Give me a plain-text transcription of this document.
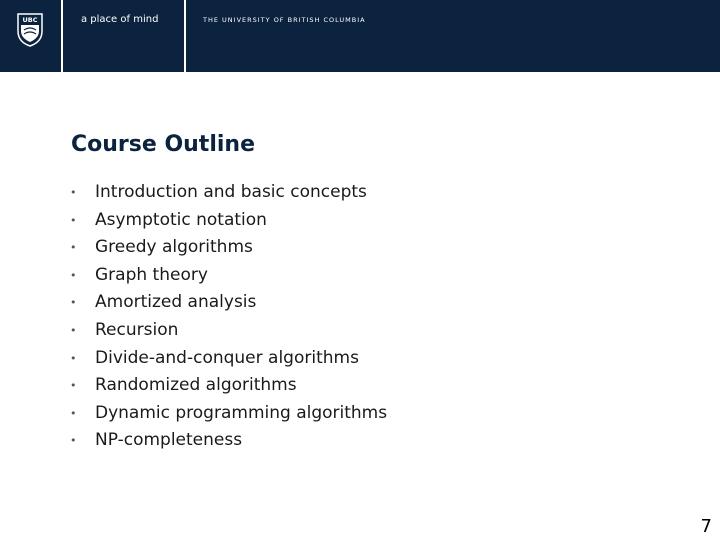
UBC	a place of mind	THE UNIVERSITY OF BRITISH COLUMBIA
Course Outline
• Introduction and basic concepts
• Asymptotic notation
• Greedy algorithms
• Graph theory
• Amortized analysis
• Recursion
• Divide-and-conquer algorithms
• Randomized algorithms
• Dynamic programming algorithms
• NP-completeness
7
